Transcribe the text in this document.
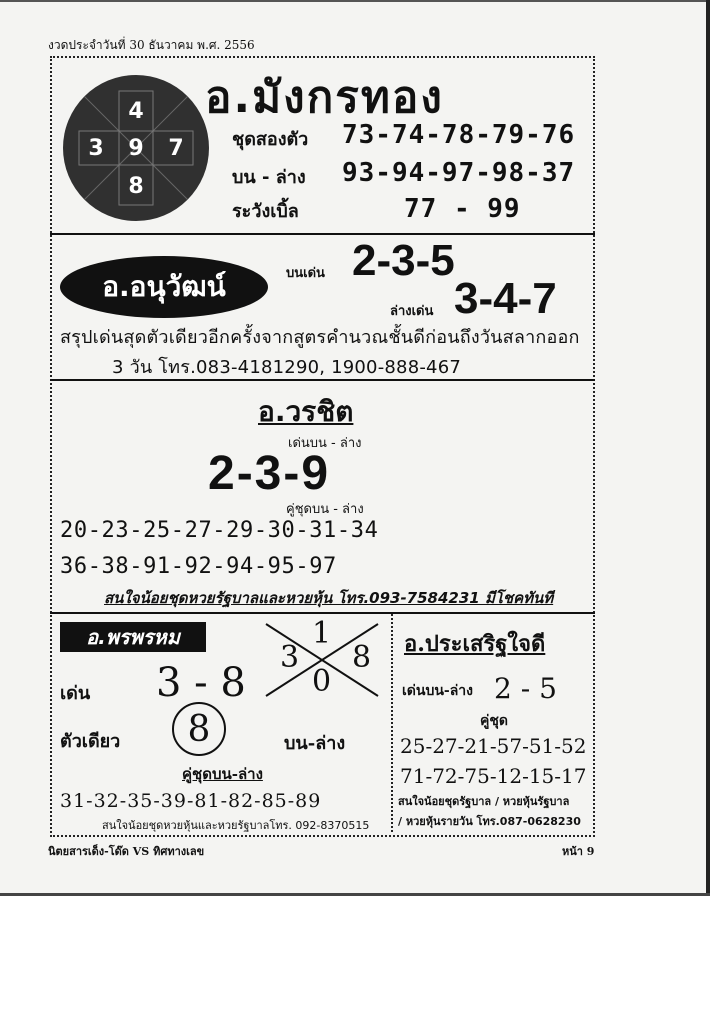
งวดประจำวันที่ 30 ธันวาคม พ.ศ. 2556
4
3 9 7
8
อ.มังกรทอง
ชุดสองตัว 73-74-78-79-76
บน - ล่าง 93-94-97-98-37
ระวังเบิ้ล	77 - 99
อ.อนุวัฒน์	บนเด่น 2-3-5
ล่างเด่น 3-4-7
สรุปเด่นสุดตัวเดียวอีกครั้งจากสูตรคำนวณชั้นดีก่อนถึงวันสลากออก
3 วัน โทร.083-4181290, 1900-888-467
อ.วรชิต
เด่นบน - ล่าง
2-3-9
คู่ชุดบน - ล่าง
20-23-25-27-29-30-31-34
36-38-91-92-94-95-97
สนใจน้อยชุดหวยรัฐบาลและหวยหุ้น โทร.093-7584231 มีโชคทันที
อ.พรพรหม	1
3 8
0
เด่น 3 - 8
ตัวเดียว	8	บน-ล่าง
คู่ชุดบน-ล่าง
31-32-35-39-81-82-85-89
สนใจน้อยชุดหวยหุ้นและหวยรัฐบาลโทร. 092-8370515
อ.ประเสริฐใจดี
เด่นบน-ล่าง 2 - 5
คู่ชุด
25-27-21-57-51-52
71-72-75-12-15-17
สนใจน้อยชุดรัฐบาล / หวยหุ้นรัฐบาล
/ หวยหุ้นรายวัน โทร.087-0628230
นิตยสารเด็ง-โด๊ด VS ทิศทางเลข	หน้า 9
